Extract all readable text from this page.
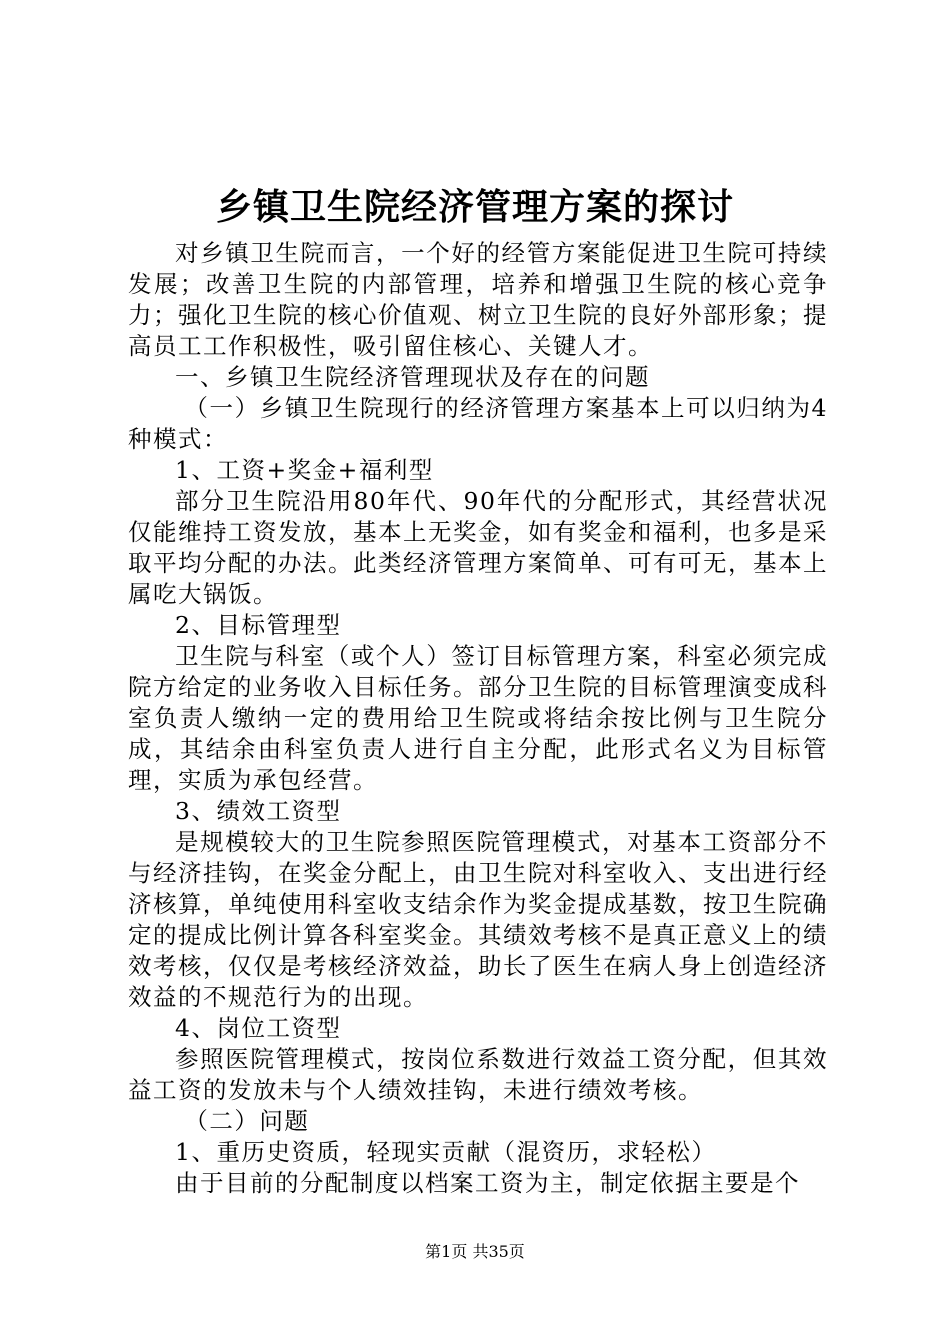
乡镇卫生院经济管理方案的探讨

对乡镇卫生院而言，一个好的经管方案能促进卫生院可持续发展；改善卫生院的内部管理，培养和增强卫生院的核心竞争力；强化卫生院的核心价值观、树立卫生院的良好外部形象；提高员工工作积极性，吸引留住核心、关键人才。

一、乡镇卫生院经济管理现状及存在的问题

（一）乡镇卫生院现行的经济管理方案基本上可以归纳为4种模式：

1、工资+奖金+福利型

部分卫生院沿用80年代、90年代的分配形式，其经营状况仅能维持工资发放，基本上无奖金，如有奖金和福利，也多是采取平均分配的办法。此类经济管理方案简单、可有可无，基本上属吃大锅饭。

2、目标管理型

卫生院与科室（或个人）签订目标管理方案，科室必须完成院方给定的业务收入目标任务。部分卫生院的目标管理演变成科室负责人缴纳一定的费用给卫生院或将结余按比例与卫生院分成，其结余由科室负责人进行自主分配，此形式名义为目标管理，实质为承包经营。

3、绩效工资型

是规模较大的卫生院参照医院管理模式，对基本工资部分不与经济挂钩，在奖金分配上，由卫生院对科室收入、支出进行经济核算，单纯使用科室收支结余作为奖金提成基数，按卫生院确定的提成比例计算各科室奖金。其绩效考核不是真正意义上的绩效考核，仅仅是考核经济效益，助长了医生在病人身上创造经济效益的不规范行为的出现。

4、岗位工资型

参照医院管理模式，按岗位系数进行效益工资分配，但其效益工资的发放未与个人绩效挂钩，未进行绩效考核。

（二）问题

1、重历史资质，轻现实贡献（混资历，求轻松）

由于目前的分配制度以档案工资为主，制定依据主要是个

第1页 共35页
